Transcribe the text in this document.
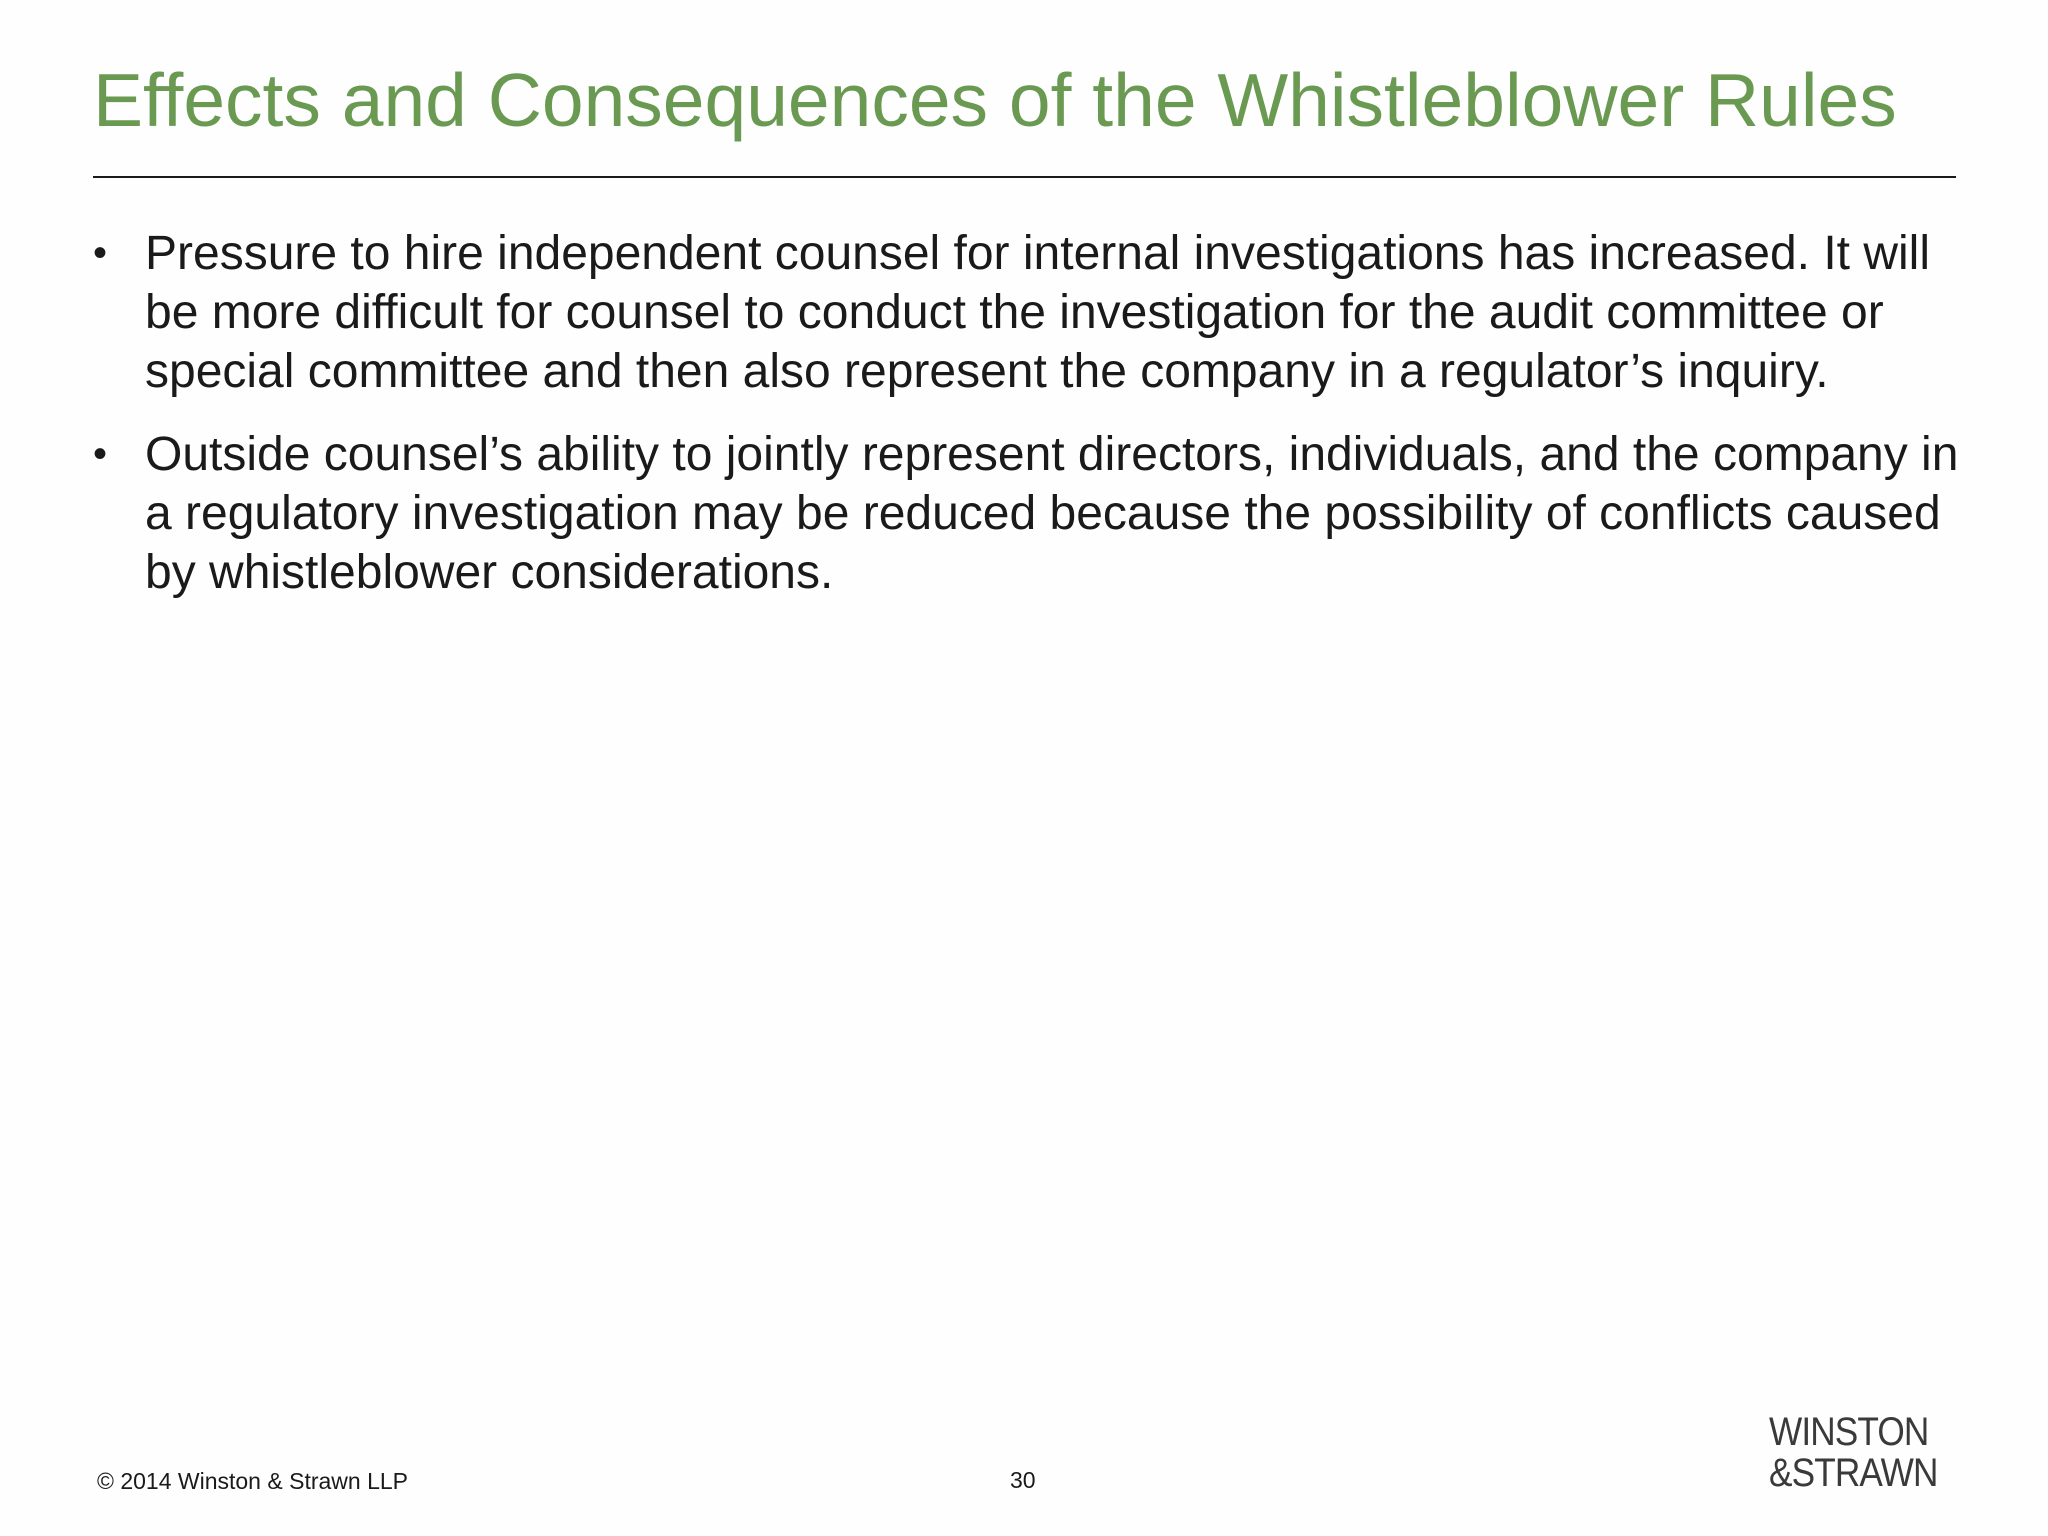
Effects and Consequences of the Whistleblower Rules
• Pressure to hire independent counsel for internal investigations has increased. It will be more difficult for counsel to conduct the investigation for the audit committee or special committee and then also represent the company in a regulator’s inquiry.
• Outside counsel’s ability to jointly represent directors, individuals, and the company in a regulatory investigation may be reduced because the possibility of conflicts caused by whistleblower considerations.
© 2014 Winston & Strawn LLP	30
WINSTON
&STRAWN
